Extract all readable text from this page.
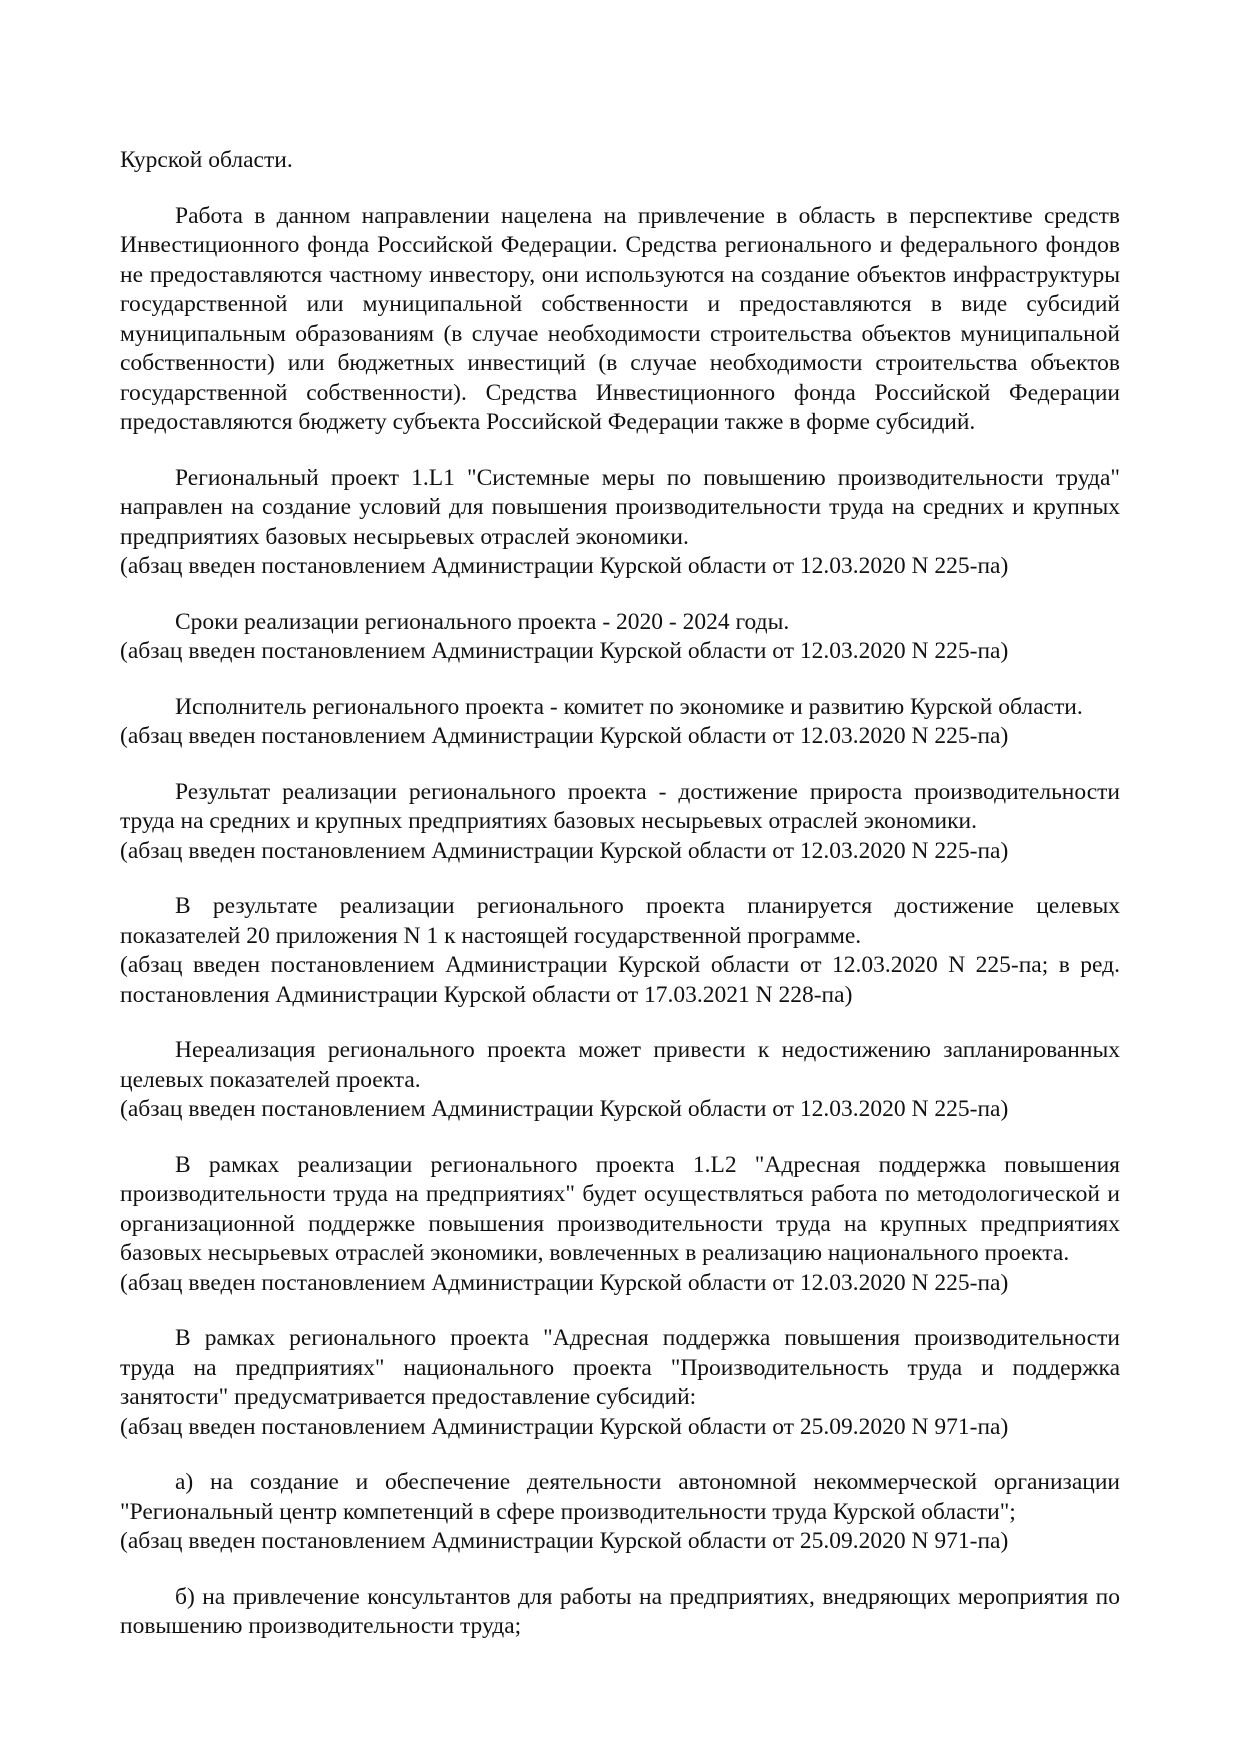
Курской области.

Работа в данном направлении нацелена на привлечение в область в перспективе средств Инвестиционного фонда Российской Федерации. Средства регионального и федерального фондов не предоставляются частному инвестору, они используются на создание объектов инфраструктуры государственной или муниципальной собственности и предоставляются в виде субсидий муниципальным образованиям (в случае необходимости строительства объектов муниципальной собственности) или бюджетных инвестиций (в случае необходимости строительства объектов государственной собственности). Средства Инвестиционного фонда Российской Федерации предоставляются бюджету субъекта Российской Федерации также в форме субсидий.

Региональный проект 1.L1 "Системные меры по повышению производительности труда" направлен на создание условий для повышения производительности труда на средних и крупных предприятиях базовых несырьевых отраслей экономики.

(абзац введен постановлением Администрации Курской области от 12.03.2020 N 225-па)

Сроки реализации регионального проекта - 2020 - 2024 годы.

(абзац введен постановлением Администрации Курской области от 12.03.2020 N 225-па)

Исполнитель регионального проекта - комитет по экономике и развитию Курской области.

(абзац введен постановлением Администрации Курской области от 12.03.2020 N 225-па)

Результат реализации регионального проекта - достижение прироста производительности труда на средних и крупных предприятиях базовых несырьевых отраслей экономики.

(абзац введен постановлением Администрации Курской области от 12.03.2020 N 225-па)

В результате реализации регионального проекта планируется достижение целевых показателей 20 приложения N 1 к настоящей государственной программе.

(абзац введен постановлением Администрации Курской области от 12.03.2020 N 225-па; в ред. постановления Администрации Курской области от 17.03.2021 N 228-па)

Нереализация регионального проекта может привести к недостижению запланированных целевых показателей проекта.

(абзац введен постановлением Администрации Курской области от 12.03.2020 N 225-па)

В рамках реализации регионального проекта 1.L2 "Адресная поддержка повышения производительности труда на предприятиях" будет осуществляться работа по методологической и организационной поддержке повышения производительности труда на крупных предприятиях базовых несырьевых отраслей экономики, вовлеченных в реализацию национального проекта.

(абзац введен постановлением Администрации Курской области от 12.03.2020 N 225-па)

В рамках регионального проекта "Адресная поддержка повышения производительности труда на предприятиях" национального проекта "Производительность труда и поддержка занятости" предусматривается предоставление субсидий:

(абзац введен постановлением Администрации Курской области от 25.09.2020 N 971-па)

а) на создание и обеспечение деятельности автономной некоммерческой организации "Региональный центр компетенций в сфере производительности труда Курской области";

(абзац введен постановлением Администрации Курской области от 25.09.2020 N 971-па)

б) на привлечение консультантов для работы на предприятиях, внедряющих мероприятия по повышению производительности труда;
